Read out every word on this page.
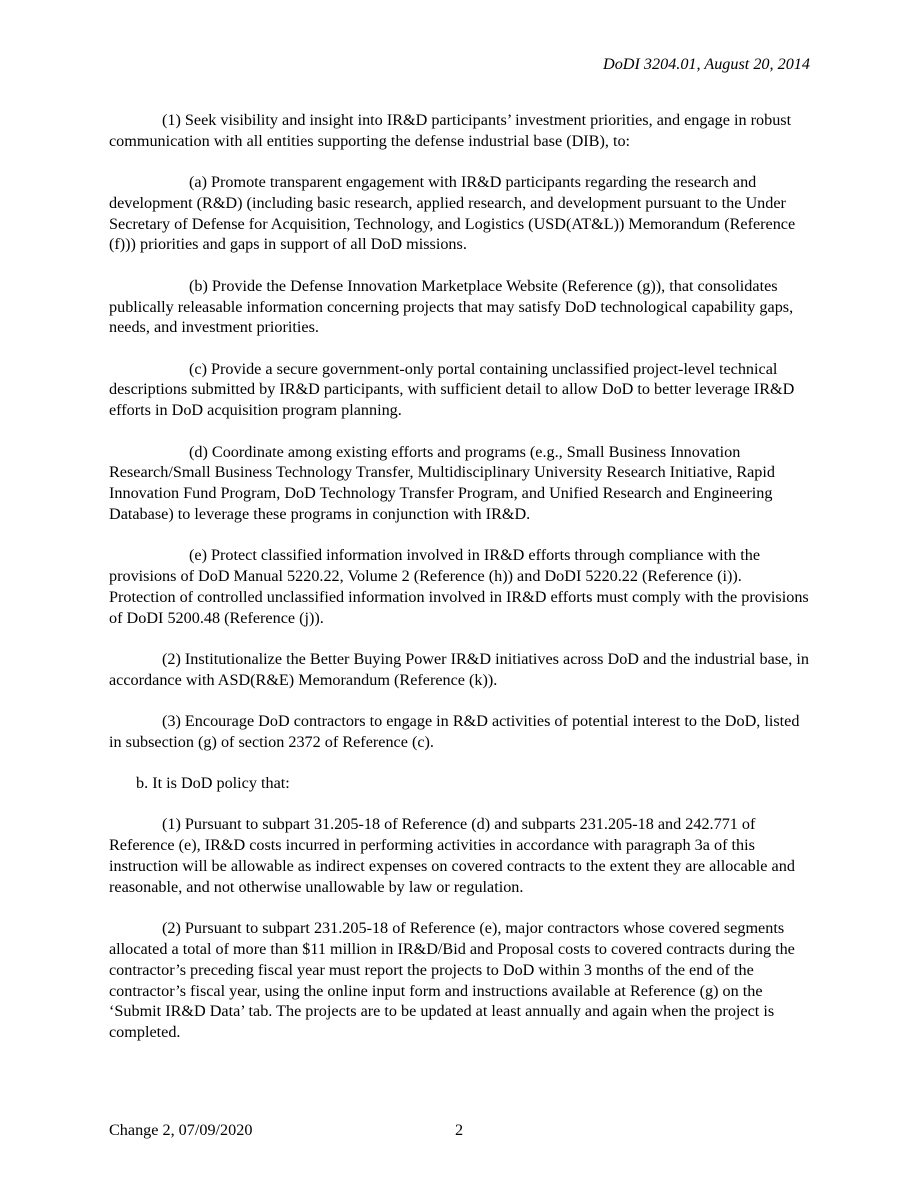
DoDI 3204.01, August 20, 2014

(1) Seek visibility and insight into IR&D participants’ investment priorities, and engage in robust communication with all entities supporting the defense industrial base (DIB), to:

(a) Promote transparent engagement with IR&D participants regarding the research and development (R&D) (including basic research, applied research, and development pursuant to the Under Secretary of Defense for Acquisition, Technology, and Logistics (USD(AT&L)) Memorandum (Reference (f))) priorities and gaps in support of all DoD missions.

(b) Provide the Defense Innovation Marketplace Website (Reference (g)), that consolidates publically releasable information concerning projects that may satisfy DoD technological capability gaps, needs, and investment priorities.

(c) Provide a secure government-only portal containing unclassified project-level technical descriptions submitted by IR&D participants, with sufficient detail to allow DoD to better leverage IR&D efforts in DoD acquisition program planning.

(d) Coordinate among existing efforts and programs (e.g., Small Business Innovation Research/Small Business Technology Transfer, Multidisciplinary University Research Initiative, Rapid Innovation Fund Program, DoD Technology Transfer Program, and Unified Research and Engineering Database) to leverage these programs in conjunction with IR&D.

(e) Protect classified information involved in IR&D efforts through compliance with the provisions of DoD Manual 5220.22, Volume 2 (Reference (h)) and DoDI 5220.22 (Reference (i)). Protection of controlled unclassified information involved in IR&D efforts must comply with the provisions of DoDI 5200.48 (Reference (j)).

(2) Institutionalize the Better Buying Power IR&D initiatives across DoD and the industrial base, in accordance with ASD(R&E) Memorandum (Reference (k)).

(3) Encourage DoD contractors to engage in R&D activities of potential interest to the DoD, listed in subsection (g) of section 2372 of Reference (c).

b. It is DoD policy that:

(1) Pursuant to subpart 31.205-18 of Reference (d) and subparts 231.205-18 and 242.771 of Reference (e), IR&D costs incurred in performing activities in accordance with paragraph 3a of this instruction will be allowable as indirect expenses on covered contracts to the extent they are allocable and reasonable, and not otherwise unallowable by law or regulation.

(2) Pursuant to subpart 231.205-18 of Reference (e), major contractors whose covered segments allocated a total of more than $11 million in IR&D/Bid and Proposal costs to covered contracts during the contractor’s preceding fiscal year must report the projects to DoD within 3 months of the end of the contractor’s fiscal year, using the online input form and instructions available at Reference (g) on the ‘Submit IR&D Data’ tab. The projects are to be updated at least annually and again when the project is completed.

Change 2, 07/09/2020	2
